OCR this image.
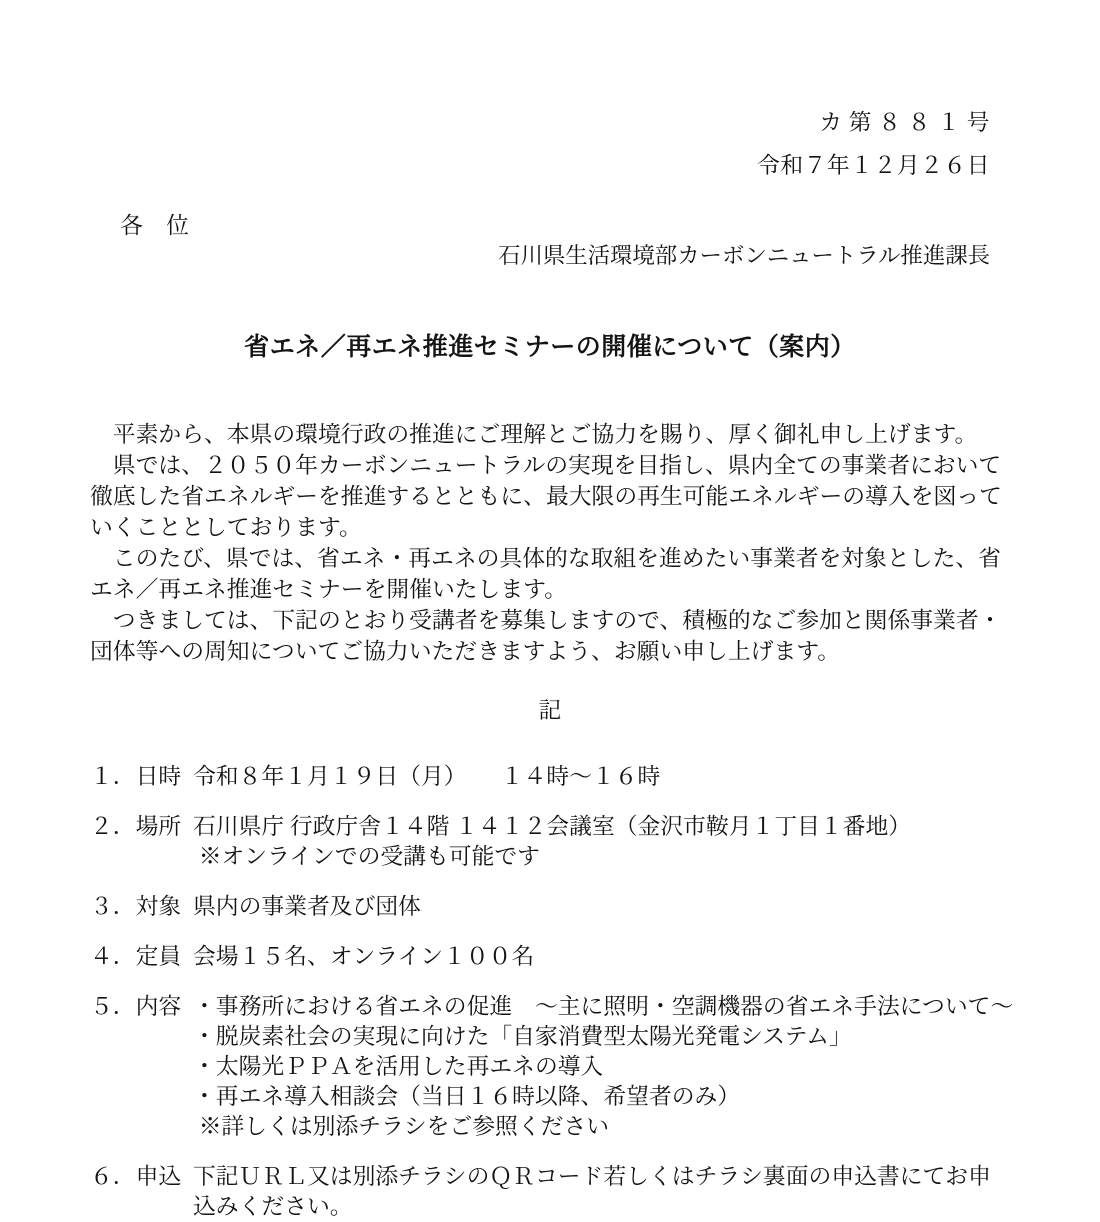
カ 第 ８ ８ １ 号
令和７年１２月２６日
各　位
石川県生活環境部カーボンニュートラル推進課長
省エネ／再エネ推進セミナーの開催について（案内）

　平素から、本県の環境行政の推進にご理解とご協力を賜り、厚く御礼申し上げます。

　県では、２０５０年カーボンニュートラルの実現を目指し、県内全ての事業者において徹底した省エネルギーを推進するとともに、最大限の再生可能エネルギーの導入を図っていくこととしております。

　このたび、県では、省エネ・再エネの具体的な取組を進めたい事業者を対象とした、省エネ／再エネ推進セミナーを開催いたします。

　つきましては、下記のとおり受講者を募集しますので、積極的なご参加と関係事業者・団体等への周知についてご協力いただきますよう、お願い申し上げます。

記
１．日時 令和８年１月１９日（月）　　１４時～１６時
２．場所 石川県庁 行政庁舎１４階 １４１２会議室（金沢市鞍月１丁目１番地）
※オンラインでの受講も可能です
３．対象 県内の事業者及び団体
４．定員 会場１５名、オンライン１００名
５．内容 ・事務所における省エネの促進　～主に照明・空調機器の省エネ手法について～
・脱炭素社会の実現に向けた「自家消費型太陽光発電システム」
・太陽光ＰＰＡを活用した再エネの導入
・再エネ導入相談会（当日１６時以降、希望者のみ）
※詳しくは別添チラシをご参照ください
６．申込 下記ＵＲＬ又は別添チラシのＱＲコード若しくはチラシ裏面の申込書にてお申込みください。
